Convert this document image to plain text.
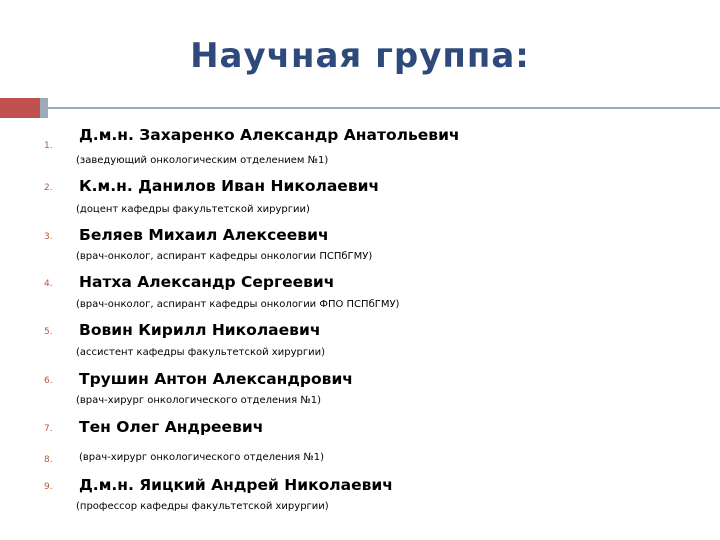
Научная группа:
1.
Д.м.н. Захаренко Александр Анатольевич
(заведующий онкологическим отделением №1)
2. К.м.н. Данилов Иван Николаевич
(доцент кафедры факультетской хирургии)
3. Беляев Михаил Алексеевич
(врач-онколог, аспирант кафедры онкологии ПСПбГМУ)
4. Натха Александр Сергеевич
(врач-онколог, аспирант кафедры онкологии ФПО ПСПбГМУ)
5. Вовин Кирилл Николаевич
(ассистент кафедры факультетской хирургии)
6. Трушин Антон Александрович
(врач-хирург онкологического отделения №1)
7. Тен Олег Андреевич
8.	(врач-хирург онкологического отделения №1)
9. Д.м.н. Яицкий Андрей Николаевич
(профессор кафедры факультетской хирургии)
